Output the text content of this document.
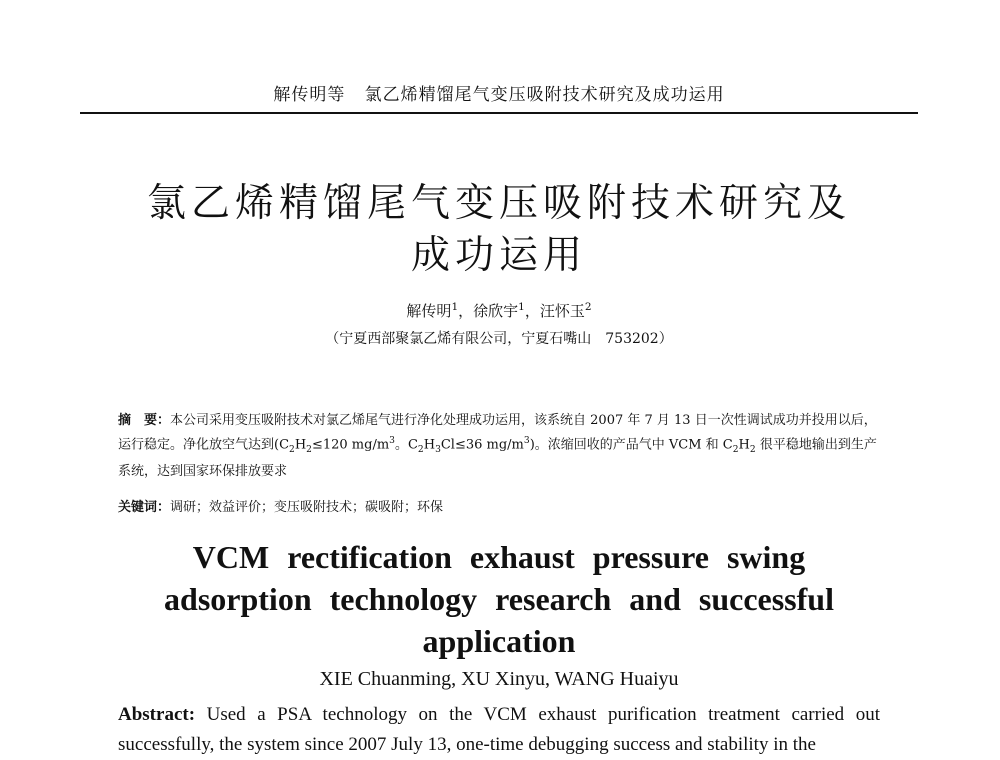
解传明等 氯乙烯精馏尾气变压吸附技术研究及成功运用
氯乙烯精馏尾气变压吸附技术研究及
成功运用
解传明$^1$，徐欣宇$^1$，汪怀玉$^2$
（宁夏西部聚氯乙烯有限公司，宁夏石嘴山　753202）
摘　要：本公司采用变压吸附技术对氯乙烯尾气进行净化处理成功运用，该系统自 2007 年 7 月 13 日一次性调试成功并投用以后，运行稳定。净化放空气达到($C_2H_2\le 120$ $mg/m^3$。$C_2H_3Cl\le 36$ $mg/m^3$)。浓缩回收的产品气中 VCM 和 $C_2H_2$ 很平稳地输出到生产系统，达到国家环保排放要求
关键词：调研；效益评价；变压吸附技术；碳吸附；环保
VCM rectification exhaust pressure swing
adsorption technology research and successful
application
XIE Chuanming, XU Xinyu, WANG Huaiyu
Abstract: Used a PSA technology on the VCM exhaust purification treatment carried out successfully, the system since 2007 July 13, one-time debugging success and stability in the
